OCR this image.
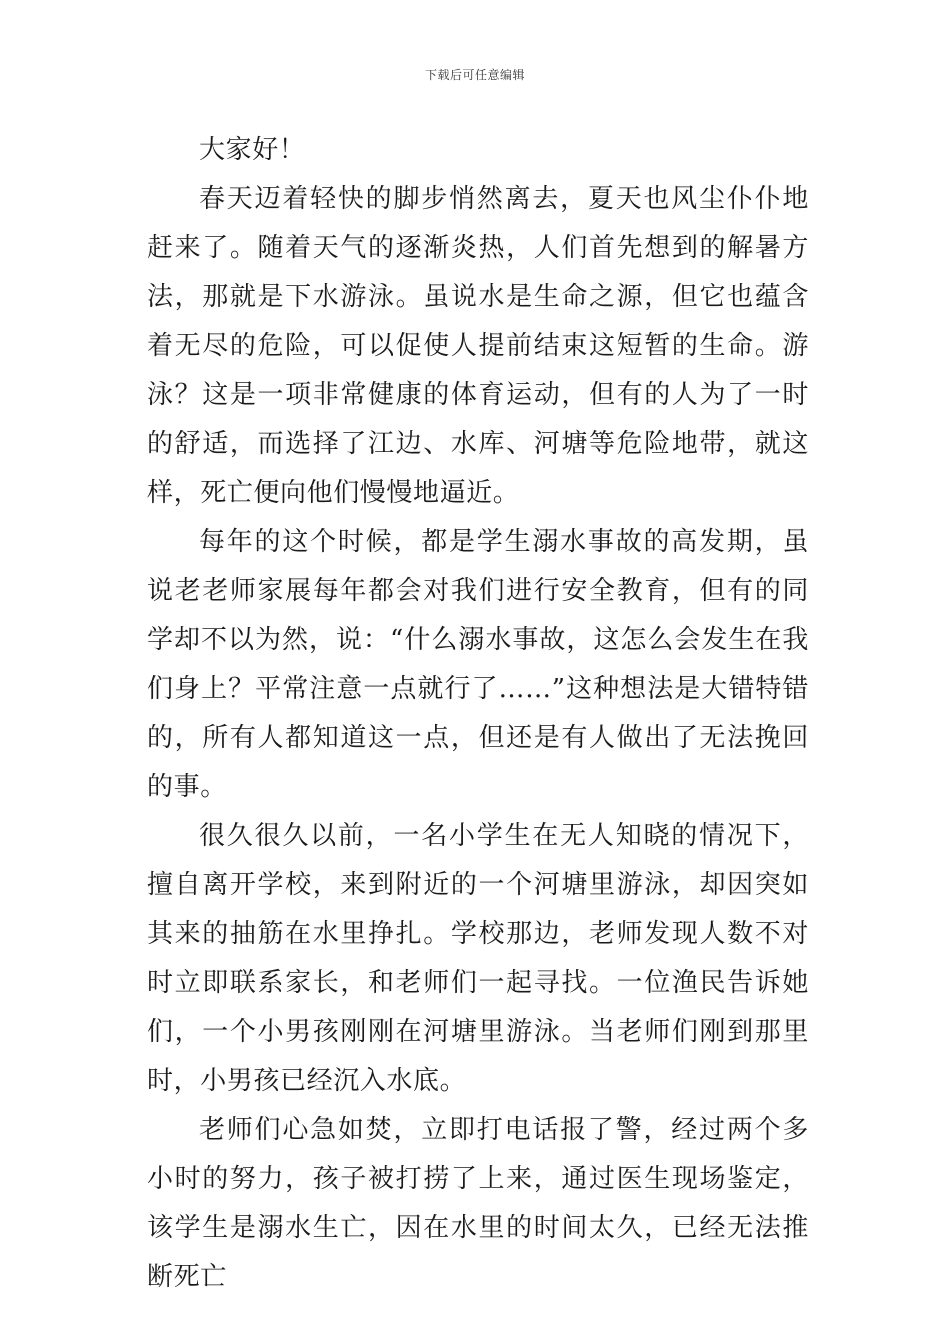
下载后可任意编辑

大家好！

春天迈着轻快的脚步悄然离去，夏天也风尘仆仆地赶来了。随着天气的逐渐炎热，人们首先想到的解暑方法，那就是下水游泳。虽说水是生命之源，但它也蕴含着无尽的危险，可以促使人提前结束这短暂的生命。游泳？这是一项非常健康的体育运动，但有的人为了一时的舒适，而选择了江边、水库、河塘等危险地带，就这样，死亡便向他们慢慢地逼近。

每年的这个时候，都是学生溺水事故的高发期，虽说老老师家展每年都会对我们进行安全教育，但有的同学却不以为然，说：“什么溺水事故，这怎么会发生在我们身上？平常注意一点就行了……”这种想法是大错特错的，所有人都知道这一点，但还是有人做出了无法挽回的事。

很久很久以前，一名小学生在无人知晓的情况下，擅自离开学校，来到附近的一个河塘里游泳，却因突如其来的抽筋在水里挣扎。学校那边，老师发现人数不对时立即联系家长，和老师们一起寻找。一位渔民告诉她们，一个小男孩刚刚在河塘里游泳。当老师们刚到那里时，小男孩已经沉入水底。

老师们心急如焚，立即打电话报了警，经过两个多小时的努力，孩子被打捞了上来，通过医生现场鉴定，该学生是溺水生亡，因在水里的时间太久，已经无法推断死亡
